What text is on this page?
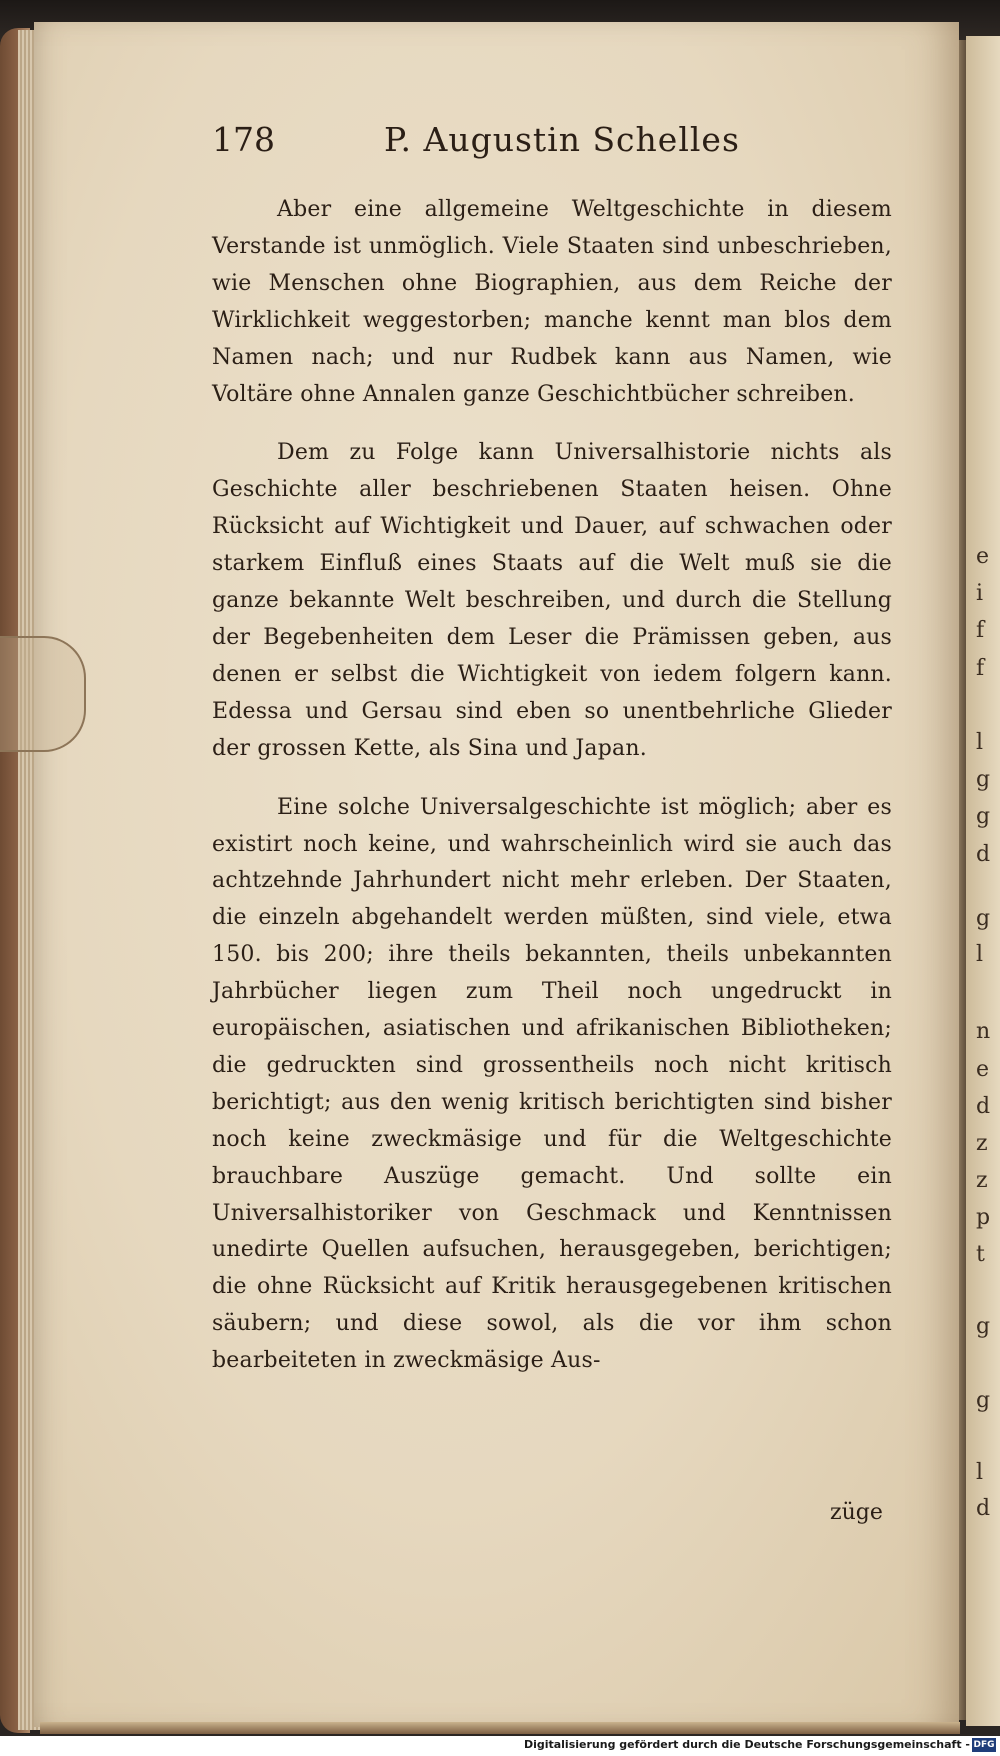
e
i
f
f
l
g
g
d
g
l
n
e
d
z
z
p
t
g
g
l
d
178	P. Augustin Schelles

Aber eine allgemeine Weltgeschichte in diesem Verstande ist unmöglich. Viele Staaten sind unbeschrieben, wie Menschen ohne Biographien, aus dem Reiche der Wirklichkeit weggestorben; manche kennt man blos dem Namen nach; und nur Rudbek kann aus Namen, wie Voltäre ohne Annalen ganze Geschichtbücher schreiben.

Dem zu Folge kann Universalhistorie nichts als Geschichte aller beschriebenen Staaten heisen. Ohne Rücksicht auf Wichtigkeit und Dauer, auf schwachen oder starkem Einfluß eines Staats auf die Welt muß sie die ganze bekannte Welt beschreiben, und durch die Stellung der Begebenheiten dem Leser die Prämissen geben, aus denen er selbst die Wichtigkeit von iedem folgern kann. Edessa und Gersau sind eben so unentbehrliche Glieder der grossen Kette, als Sina und Japan.

Eine solche Universalgeschichte ist möglich; aber es existirt noch keine, und wahrscheinlich wird sie auch das achtzehnde Jahrhundert nicht mehr erleben. Der Staaten, die einzeln abgehandelt werden müßten, sind viele, etwa 150. bis 200; ihre theils bekannten, theils unbekannten Jahrbücher liegen zum Theil noch ungedruckt in europäischen, asiatischen und afrikanischen Bibliotheken; die gedruckten sind grossentheils noch nicht kritisch berichtigt; aus den wenig kritisch berichtigten sind bisher noch keine zweckmäsige und für die Weltgeschichte brauchbare Auszüge gemacht. Und sollte ein Universalhistoriker von Geschmack und Kenntnissen unedirte Quellen aufsuchen, herausgegeben, berichtigen; die ohne Rücksicht auf Kritik herausgegebenen kritischen säubern; und diese sowol, als die vor ihm schon bearbeiteten in zweckmäsige Aus-

züge
Digitalisierung gefördert durch die Deutsche Forschungsgemeinschaft - DFG
